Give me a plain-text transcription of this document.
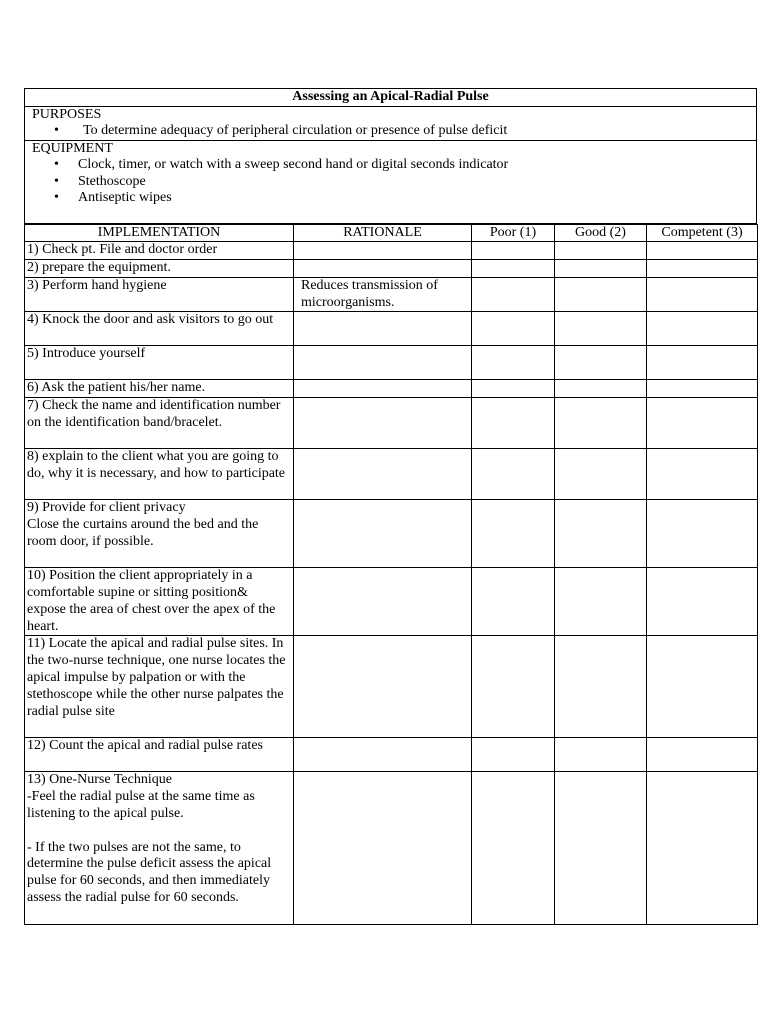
Assessing an Apical-Radial Pulse

PURPOSES
• To determine adequacy of peripheral circulation or presence of pulse deficit

EQUIPMENT
• Clock, timer, or watch with a sweep second hand or digital seconds indicator
• Stethoscope
• Antiseptic wipes
IMPLEMENTATION	RATIONALE	Poor (1)	Good (2)	Competent (3)
1) Check pt. File and doctor order				
2) prepare the equipment.				
3) Perform hand hygiene	Reduces transmission of microorganisms.			
4) Knock the door and ask visitors to go out				
5) Introduce yourself				
6) Ask the patient his/her name.				
7) Check the name and identification number on the identification band/bracelet.				
8) explain to the client what you are going to do, why it is necessary, and how to participate				
9) Provide for client privacy
Close the curtains around the bed and the room door, if possible.				
10) Position the client appropriately in a comfortable supine or sitting position& expose the area of chest over the apex of the heart.				
11) Locate the apical and radial pulse sites. In the two-nurse technique, one nurse locates the apical impulse by palpation or with the stethoscope while the other nurse palpates the radial pulse site				
12) Count the apical and radial pulse rates				
13) One-Nurse Technique
-Feel the radial pulse at the same time as listening to the apical pulse.

- If the two pulses are not the same, to determine the pulse deficit assess the apical pulse for 60 seconds, and then immediately assess the radial pulse for 60 seconds.				
